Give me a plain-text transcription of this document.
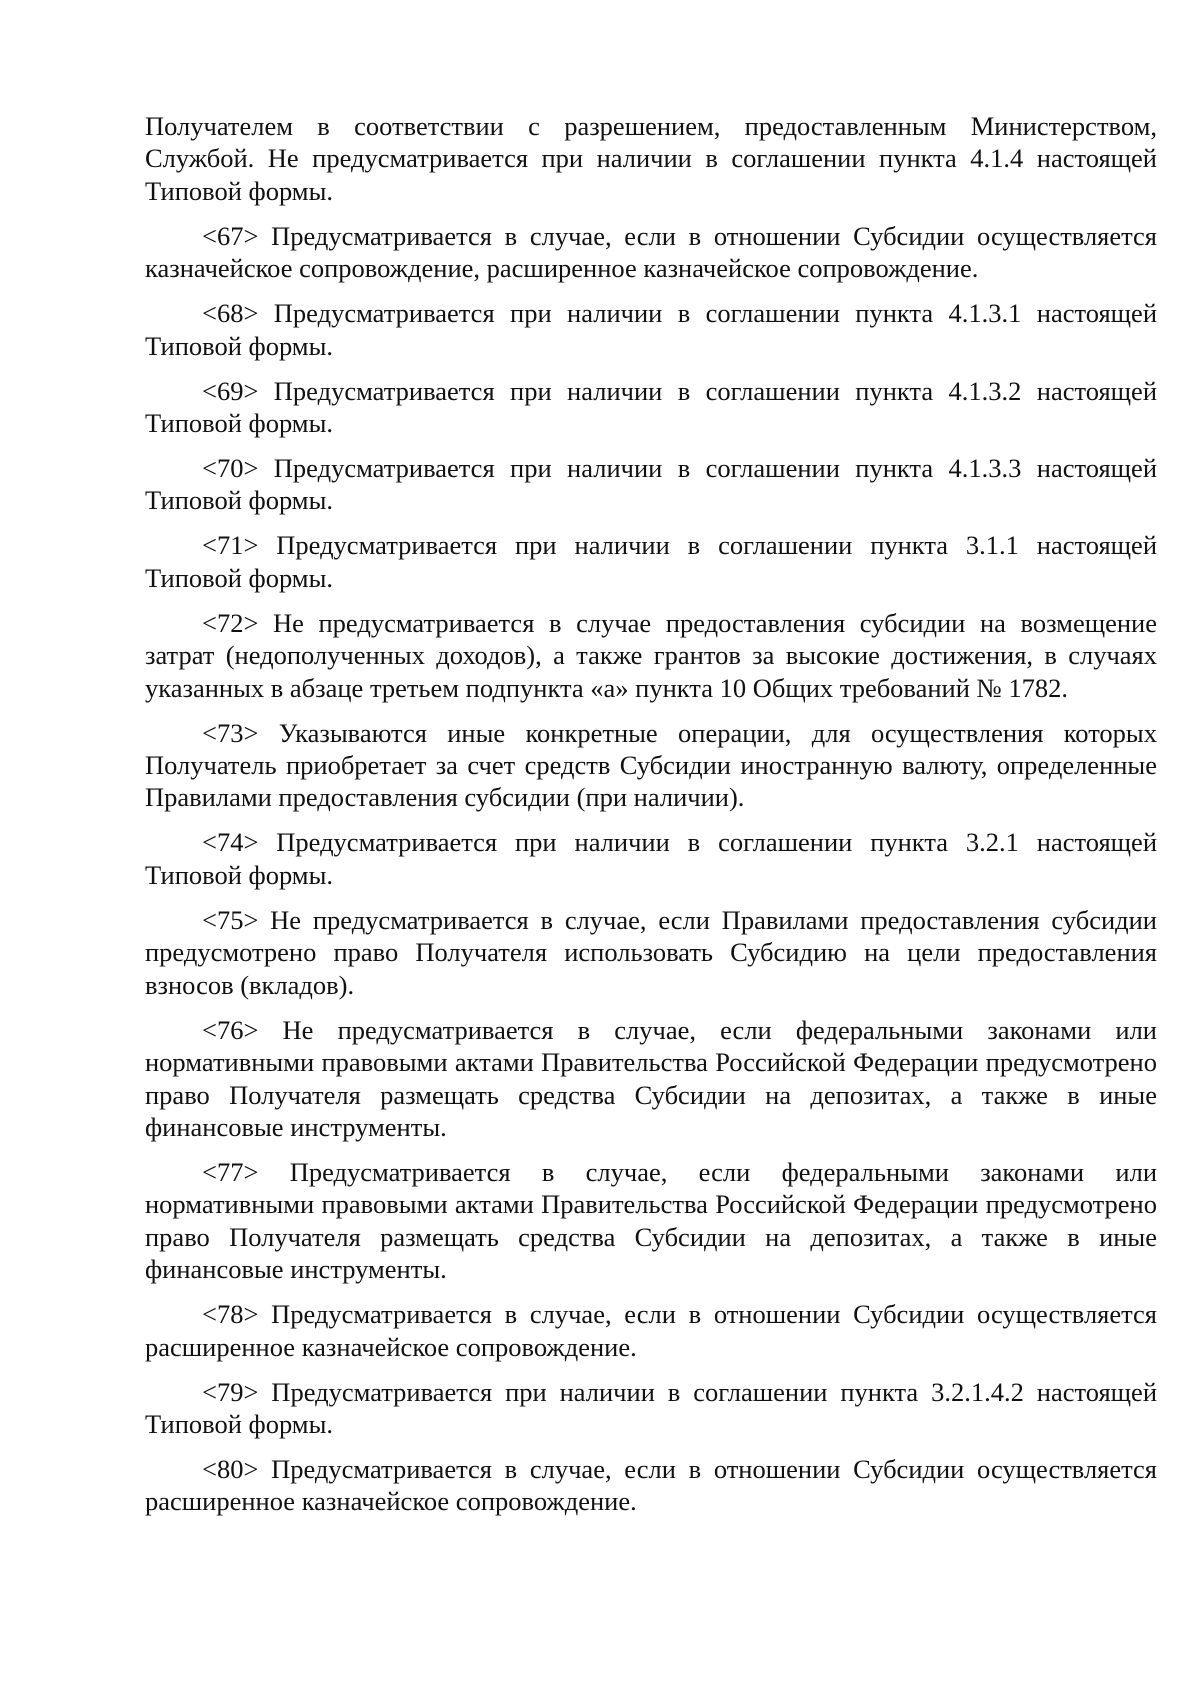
Получателем в соответствии с разрешением, предоставленным Министерством, Службой. Не предусматривается при наличии в соглашении пункта 4.1.4 настоящей Типовой формы.

<67> Предусматривается в случае, если в отношении Субсидии осуществляется казначейское сопровождение, расширенное казначейское сопровождение.

<68> Предусматривается при наличии в соглашении пункта 4.1.3.1 настоящей Типовой формы.

<69> Предусматривается при наличии в соглашении пункта 4.1.3.2 настоящей Типовой формы.

<70> Предусматривается при наличии в соглашении пункта 4.1.3.3 настоящей Типовой формы.

<71> Предусматривается при наличии в соглашении пункта 3.1.1 настоящей Типовой формы.

<72> Не предусматривается в случае предоставления субсидии на возмещение затрат (недополученных доходов), а также грантов за высокие достижения, в случаях указанных в абзаце третьем подпункта «а» пункта 10 Общих требований № 1782.

<73> Указываются иные конкретные операции, для осуществления которых Получатель приобретает за счет средств Субсидии иностранную валюту, определенные Правилами предоставления субсидии (при наличии).

<74> Предусматривается при наличии в соглашении пункта 3.2.1 настоящей Типовой формы.

<75> Не предусматривается в случае, если Правилами предоставления субсидии предусмотрено право Получателя использовать Субсидию на цели предоставления взносов (вкладов).

<76> Не предусматривается в случае, если федеральными законами или нормативными правовыми актами Правительства Российской Федерации предусмотрено право Получателя размещать средства Субсидии на депозитах, а также в иные финансовые инструменты.

<77> Предусматривается в случае, если федеральными законами или нормативными правовыми актами Правительства Российской Федерации предусмотрено право Получателя размещать средства Субсидии на депозитах, а также в иные финансовые инструменты.

<78> Предусматривается в случае, если в отношении Субсидии осуществляется расширенное казначейское сопровождение.

<79> Предусматривается при наличии в соглашении пункта 3.2.1.4.2 настоящей Типовой формы.

<80> Предусматривается в случае, если в отношении Субсидии осуществляется расширенное казначейское сопровождение.
